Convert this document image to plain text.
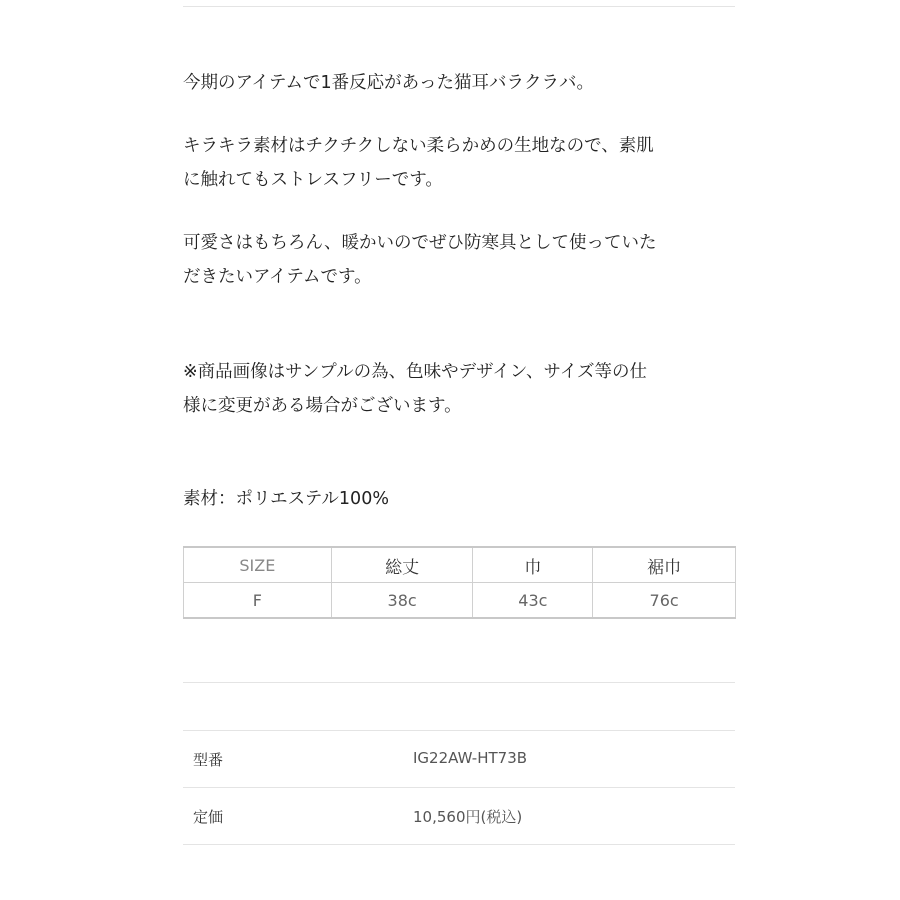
今期のアイテムで1番反応があった猫耳バラクラバ。

キラキラ素材はチクチクしない柔らかめの生地なので、素肌
に触れてもストレスフリーです。

可愛さはもちろん、暖かいのでぜひ防寒具として使っていた
だきたいアイテムです。

※商品画像はサンプルの為、色味やデザイン、サイズ等の仕
様に変更がある場合がございます。

素材：ポリエステル100%

SIZE	総丈	巾	裾巾
F	38c	43c	76c
型番	IG22AW-HT73B
定価	10,560円(税込)
